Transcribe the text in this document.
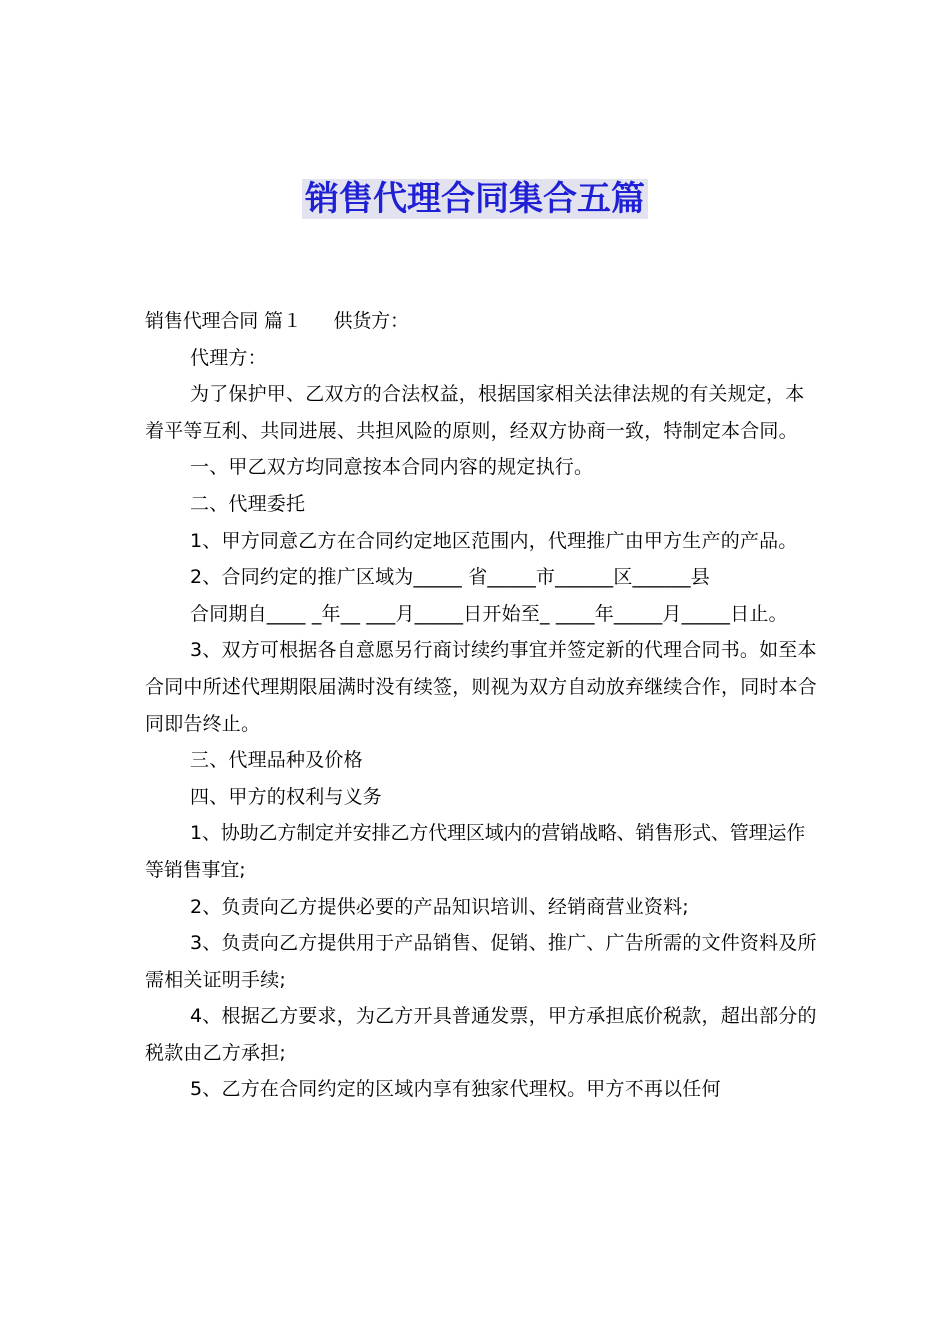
销售代理合同集合五篇

销售代理合同 篇１	供货方：

代理方：

为了保护甲、乙双方的合法权益，根据国家相关法律法规的有关规定，本着平等互利、共同进展、共担风险的原则，经双方协商一致，特制定本合同。

一、甲乙双方均同意按本合同内容的规定执行。

二、代理委托

1、甲方同意乙方在合同约定地区范围内，代理推广由甲方生产的产品。

2、合同约定的推广区域为_____ 省_____市______区______县

合同期自____ _年__ ___月_____日开始至_ ____年_____月_____日止。

3、双方可根据各自意愿另行商讨续约事宜并签定新的代理合同书。如至本合同中所述代理期限届满时没有续签，则视为双方自动放弃继续合作，同时本合同即告终止。

三、代理品种及价格

四、甲方的权利与义务

1、协助乙方制定并安排乙方代理区域内的营销战略、销售形式、管理运作等销售事宜;

2、负责向乙方提供必要的产品知识培训、经销商营业资料;

3、负责向乙方提供用于产品销售、促销、推广、广告所需的文件资料及所需相关证明手续;

4、根据乙方要求，为乙方开具普通发票，甲方承担底价税款，超出部分的税款由乙方承担;

5、乙方在合同约定的区域内享有独家代理权。甲方不再以任何
